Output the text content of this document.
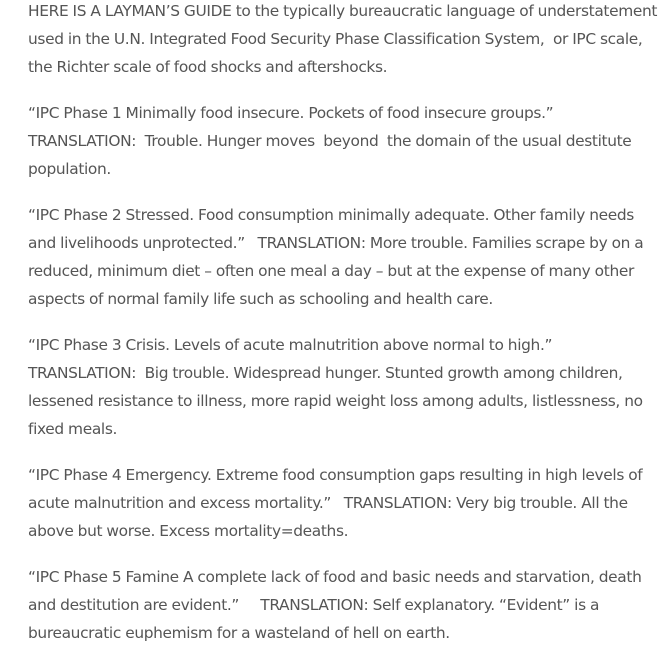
HERE IS A LAYMAN’S GUIDE to the typically bureaucratic language of understatement used in the U.N. Integrated Food Security Phase Classification System,  or IPC scale, the Richter scale of food shocks and aftershocks.

“IPC Phase 1 Minimally food insecure. Pockets of food insecure groups.”  TRANSLATION:  Trouble. Hunger moves  beyond  the domain of the usual destitute population.

“IPC Phase 2 Stressed. Food consumption minimally adequate. Other family needs and livelihoods unprotected.”   TRANSLATION: More trouble. Families scrape by on a reduced, minimum diet – often one meal a day – but at the expense of many other aspects of normal family life such as schooling and health care.

“IPC Phase 3 Crisis. Levels of acute malnutrition above normal to high.” TRANSLATION:  Big trouble. Widespread hunger. Stunted growth among children, lessened resistance to illness, more rapid weight loss among adults, listlessness, no fixed meals.

“IPC Phase 4 Emergency. Extreme food consumption gaps resulting in high levels of acute malnutrition and excess mortality.”   TRANSLATION: Very big trouble. All the above but worse. Excess mortality=deaths.

“IPC Phase 5 Famine A complete lack of food and basic needs and starvation, death and destitution are evident.”     TRANSLATION: Self explanatory. “Evident” is a bureaucratic euphemism for a wasteland of hell on earth.
